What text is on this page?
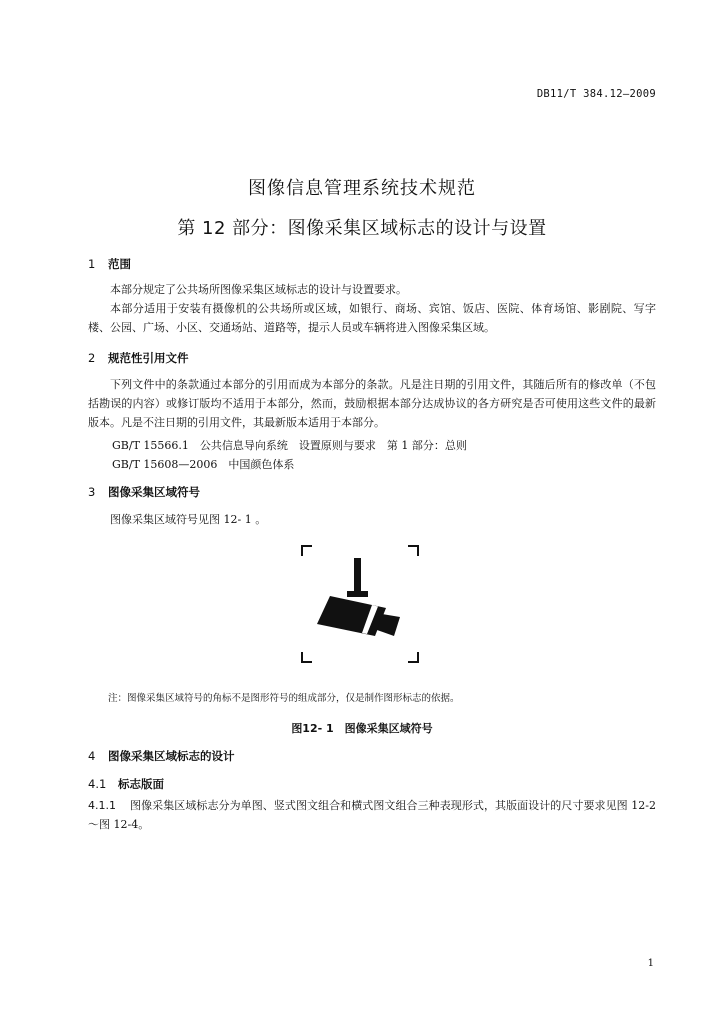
DB11/T 384.12—2009
图像信息管理系统技术规范
第 12 部分：图像采集区域标志的设计与设置
1 范围
本部分规定了公共场所图像采集区域标志的设计与设置要求。
本部分适用于安装有摄像机的公共场所或区域，如银行、商场、宾馆、饭店、医院、体育场馆、影剧院、写字楼、公园、广场、小区、交通场站、道路等，提示人员或车辆将进入图像采集区域。
2 规范性引用文件
下列文件中的条款通过本部分的引用而成为本部分的条款。凡是注日期的引用文件，其随后所有的修改单（不包括勘误的内容）或修订版均不适用于本部分，然而，鼓励根据本部分达成协议的各方研究是否可使用这些文件的最新版本。凡是不注日期的引用文件，其最新版本适用于本部分。
GB/T 15566.1　公共信息导向系统　设置原则与要求　第 1 部分：总则
GB/T 15608—2006　中国颜色体系
3 图像采集区域符号
图像采集区域符号见图 12- 1 。
注：图像采集区域符号的角标不是图形符号的组成部分，仅是制作图形标志的依据。
图12- 1　图像采集区域符号
4 图像采集区域标志的设计
4.1 标志版面
4.1.1 图像采集区域标志分为单图、竖式图文组合和横式图文组合三种表现形式，其版面设计的尺寸要求见图 12-2～图 12-4。
1
